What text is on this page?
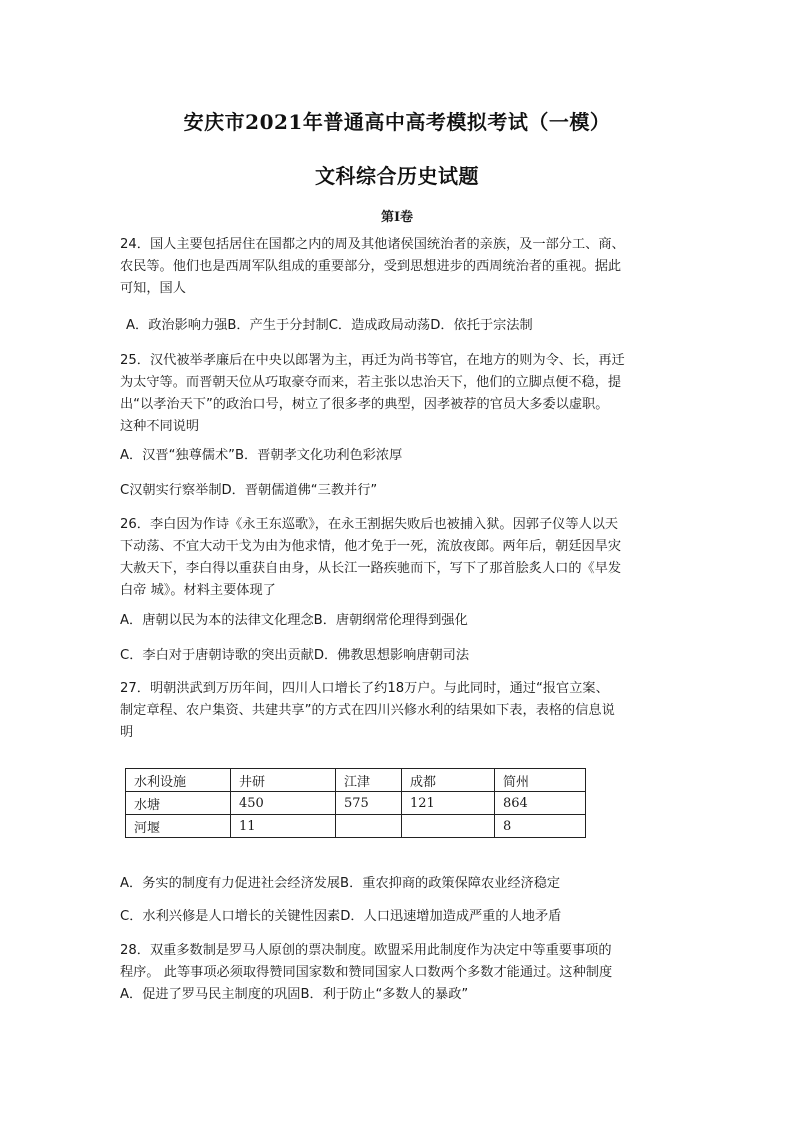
安庆市2021年普通高中高考模拟考试（一模）
文科综合历史试题
第Ⅰ卷
24．国人主要包括居住在国都之内的周及其他诸侯国统治者的亲族，及一部分工、商、
农民等。他们也是西周军队组成的重要部分，受到思想进步的西周统治者的重视。据此
可知，国人
A．政治影响力强B．产生于分封制C．造成政局动荡D．依托于宗法制
25．汉代被举孝廉后在中央以郎署为主，再迁为尚书等官，在地方的则为令、长，再迁
为太守等。而晋朝天位从巧取豪夺而来，若主张以忠治天下，他们的立脚点便不稳，提
出“以孝治天下”的政治口号，树立了很多孝的典型，因孝被荐的官员大多委以虚职。
这种不同说明
A．汉晋“独尊儒术”B．晋朝孝文化功利色彩浓厚
C汉朝实行察举制D．晋朝儒道佛“三教并行”
26．李白因为作诗《永王东巡歌》，在永王割据失败后也被捕入狱。因郭子仪等人以天
下动荡、不宜大动干戈为由为他求情，他才免于一死，流放夜郎。两年后，朝廷因旱灾
大赦天下，李白得以重获自由身，从长江一路疾驰而下，写下了那首脍炙人口的《早发
白帝 城》。材料主要体现了
A．唐朝以民为本的法律文化理念B．唐朝纲常伦理得到强化
C．李白对于唐朝诗歌的突出贡献D．佛教思想影响唐朝司法
27．明朝洪武到万历年间，四川人口增长了约18万户。与此同时，通过“报官立案、
制定章程、农户集资、共建共享”的方式在四川兴修水利的结果如下表，表格的信息说
明
水利设施	井研	江津	成都	简州
水塘	450	575	121	864
河堰	11			8
A．务实的制度有力促进社会经济发展B．重农抑商的政策保障农业经济稳定
C．水利兴修是人口增长的关键性因素D．人口迅速增加造成严重的人地矛盾
28．双重多数制是罗马人原创的票决制度。欧盟采用此制度作为决定中等重要事项的
程序。 此等事项必须取得赞同国家数和赞同国家人口数两个多数才能通过。这种制度
A．促进了罗马民主制度的巩固B．利于防止“多数人的暴政”
